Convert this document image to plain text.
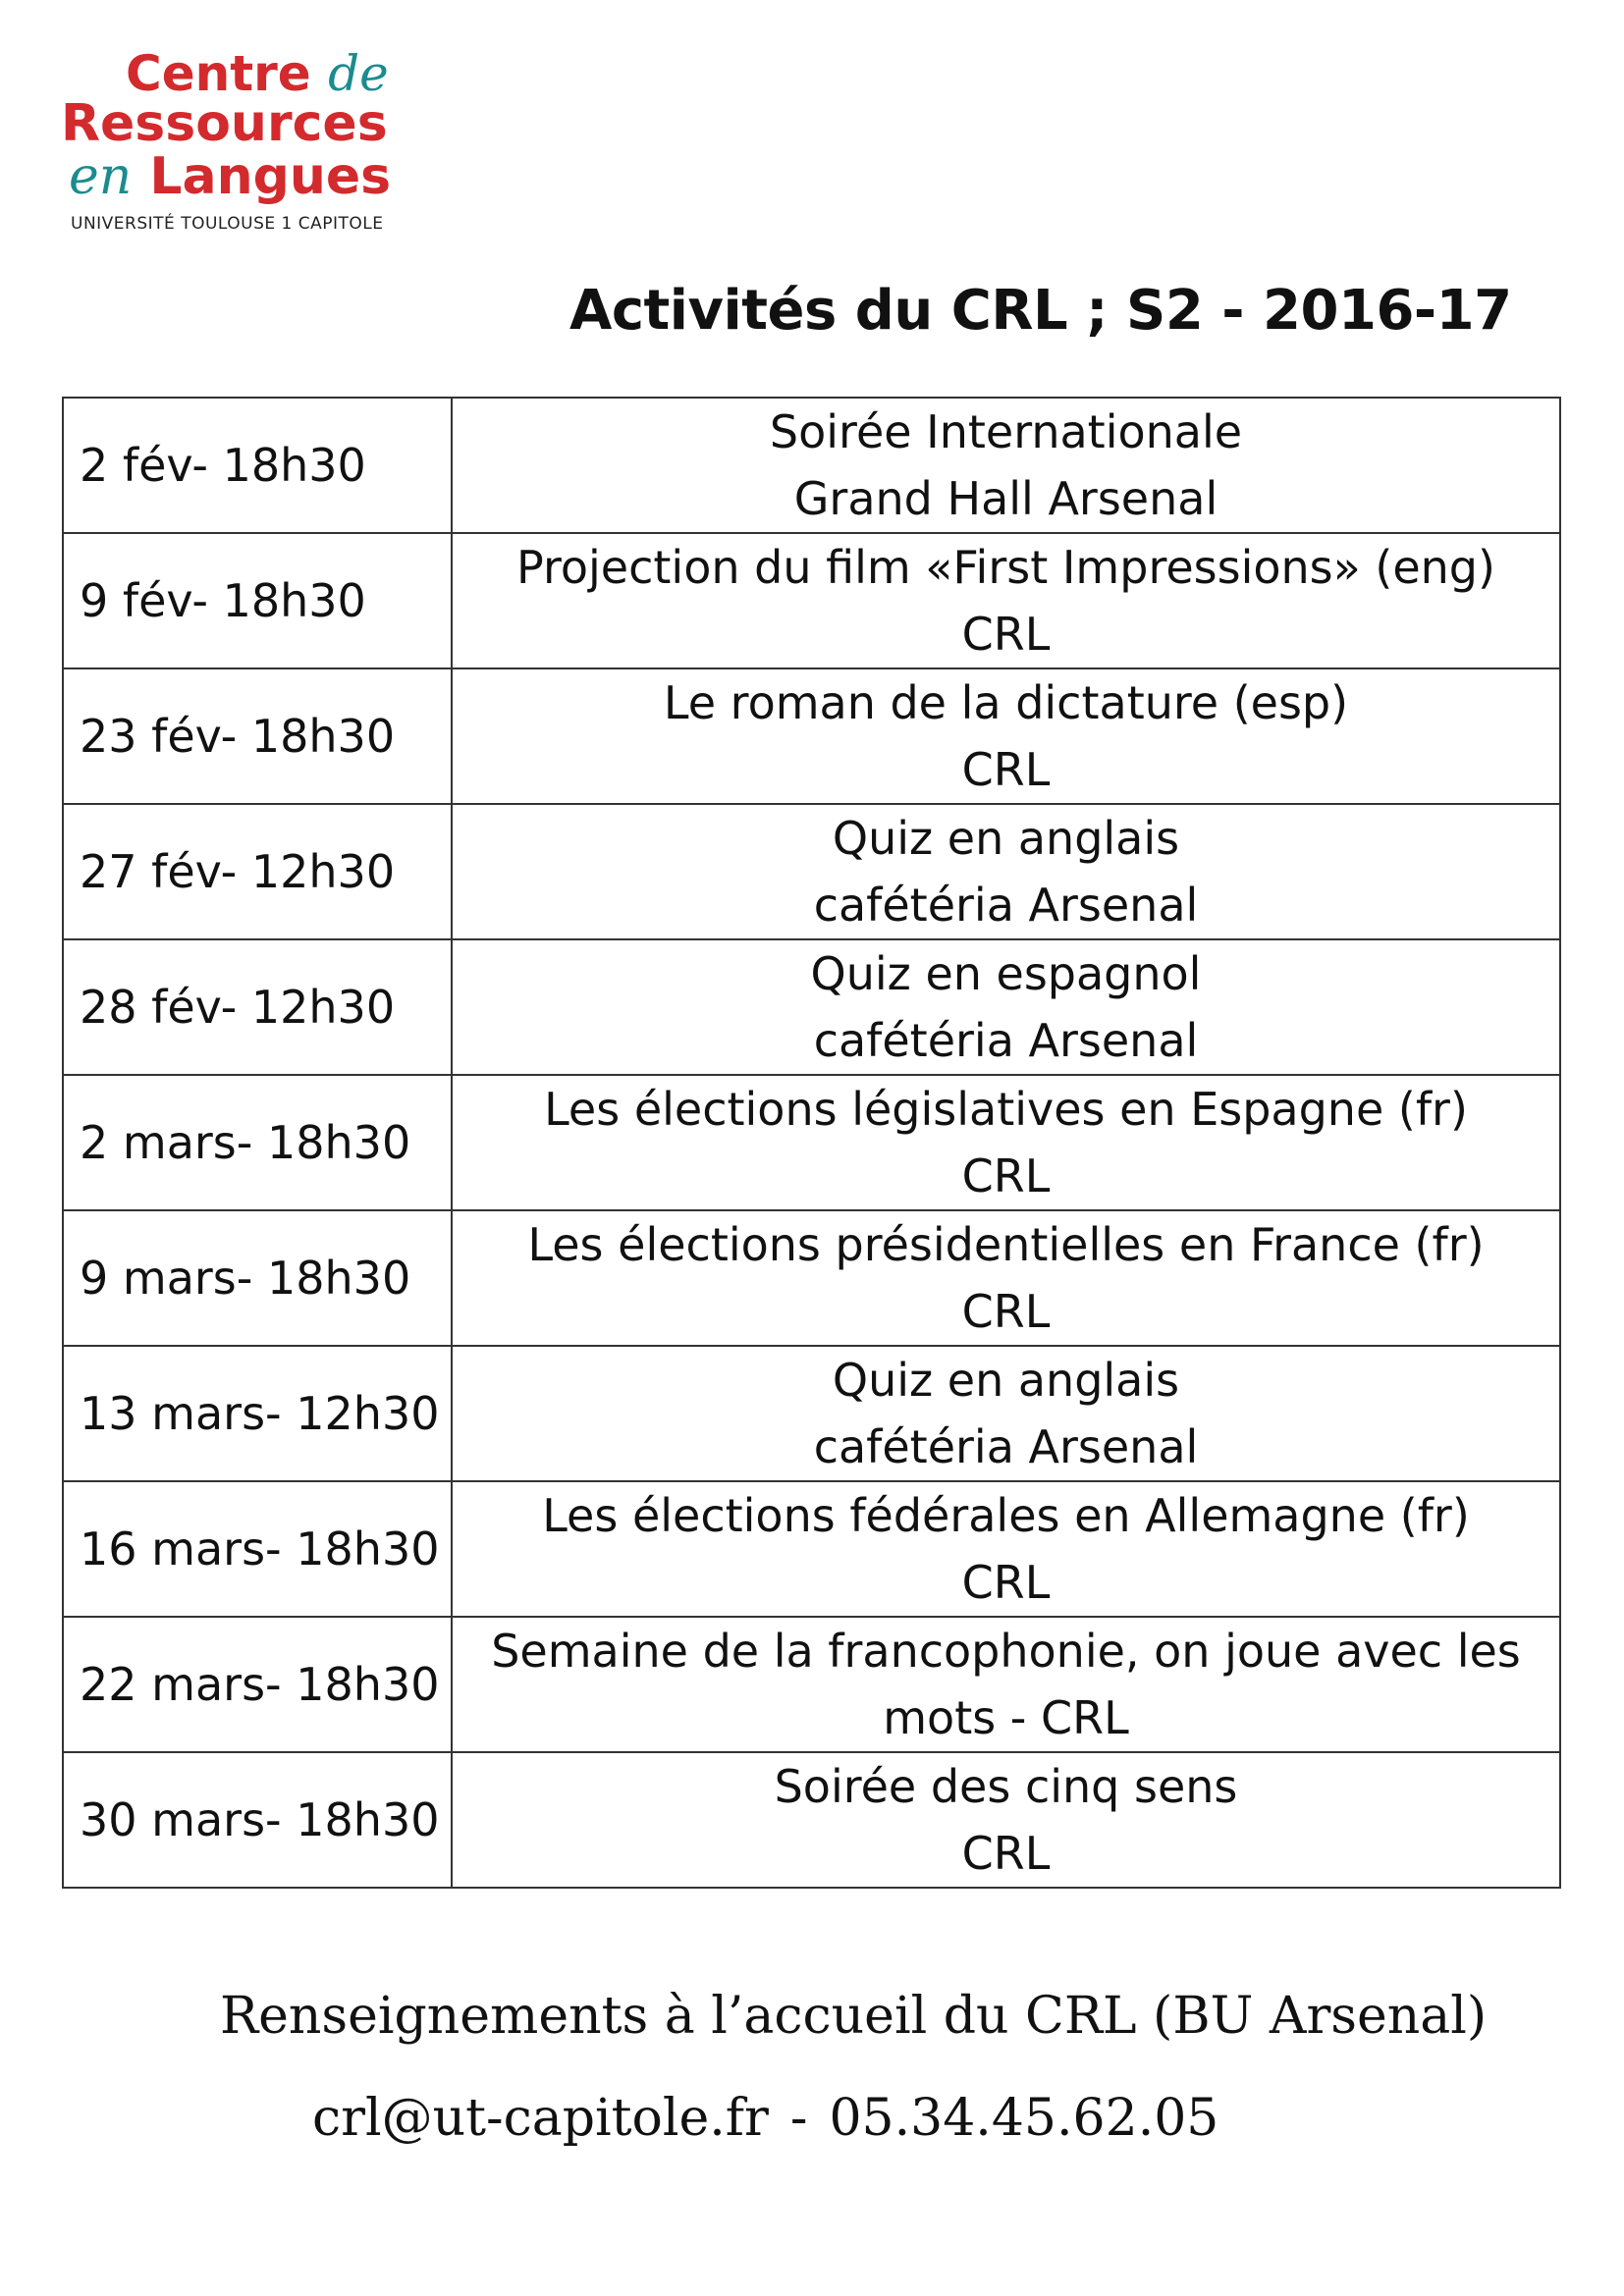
Centre de
Ressources
en Langues
UNIVERSITÉ TOULOUSE 1 CAPITOLE
Activités du CRL ; S2 - 2016-17
2 fév- 18h30	Soirée Internationale
Grand Hall Arsenal

9 fév- 18h30	Projection du film «First Impressions» (eng)
CRL

23 fév- 18h30	Le roman de la dictature (esp)
CRL

27 fév- 12h30	Quiz en anglais
cafétéria Arsenal

28 fév- 12h30	Quiz en espagnol
cafétéria Arsenal

2 mars- 18h30	Les élections législatives en Espagne (fr)
CRL

9 mars- 18h30	Les élections présidentielles en France (fr)
CRL

13 mars- 12h30	Quiz en anglais
cafétéria Arsenal

16 mars- 18h30	Les élections fédérales en Allemagne (fr)
CRL

22 mars- 18h30	Semaine de la francophonie, on joue avec les
mots - CRL

30 mars- 18h30	Soirée des cinq sens
CRL
Renseignements à l’accueil du CRL (BU Arsenal)
crl@ut-capitole.fr - 05.34.45.62.05
